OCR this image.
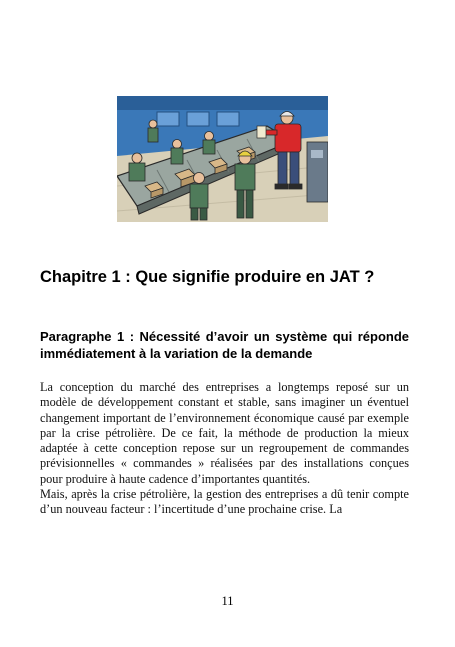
Chapitre 1 : Que signifie produire en JAT ?
Paragraphe 1 : Nécessité d’avoir un système qui réponde immédiatement à la variation de la demande

La conception du marché des entreprises a longtemps reposé sur un modèle de développement constant et stable, sans imaginer un éventuel changement important de l’environnement économique causé par exemple par la crise pétrolière. De ce fait, la méthode de production la mieux adaptée à cette conception repose sur un regroupement de commandes prévisionnelles « commandes » réalisées par des installations conçues pour produire à haute cadence d’importantes quantités.

Mais, après la crise pétrolière, la gestion des entreprises a dû tenir compte d’un nouveau facteur : l’incertitude d’une prochaine crise. La

11
